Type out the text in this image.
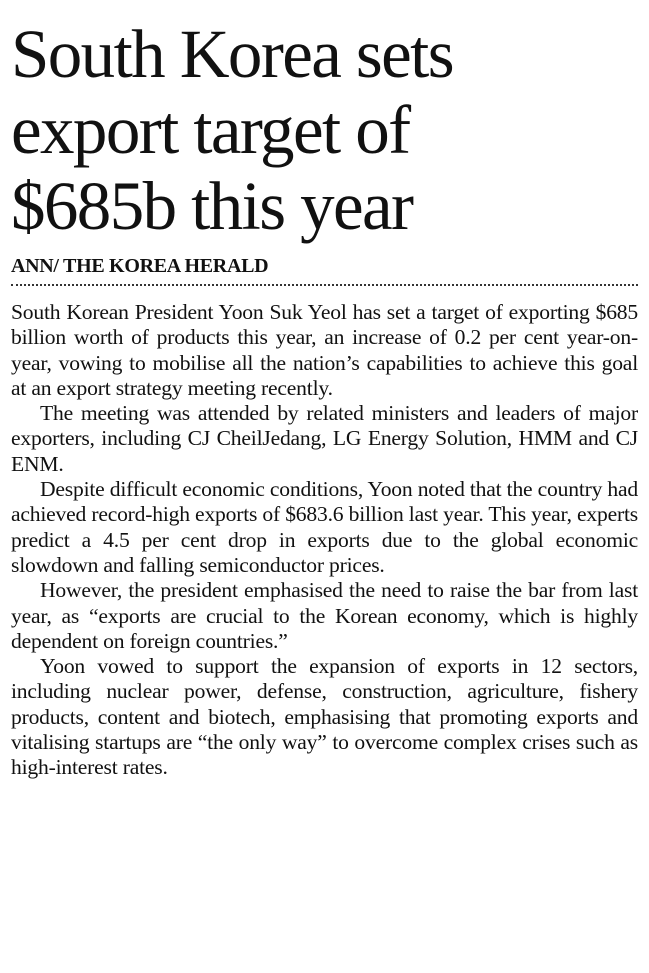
South Korea sets
export target of
$685b this year
ANN/ THE KOREA HERALD

South Korean President Yoon Suk Yeol has set a target of exporting $685 billion worth of products this year, an increase of 0.2 per cent year-on-year, vowing to mobilise all the nation’s capabilities to achieve this goal at an export strategy meeting recently.

The meeting was attended by related ministers and leaders of major exporters, including CJ CheilJedang, LG Energy Solution, HMM and CJ ENM.

Despite difficult economic conditions, Yoon noted that the country had achieved record-high exports of $683.6 billion last year. This year, experts predict a 4.5 per cent drop in exports due to the global economic slowdown and falling semiconductor prices.

However, the president emphasised the need to raise the bar from last year, as “exports are crucial to the Korean economy, which is highly dependent on foreign countries.”

Yoon vowed to support the expansion of exports in 12 sectors, including nuclear power, defense, construction, agriculture, fishery products, content and biotech, emphasising that promoting exports and vitalising startups are “the only way” to overcome complex crises such as high-interest rates.
